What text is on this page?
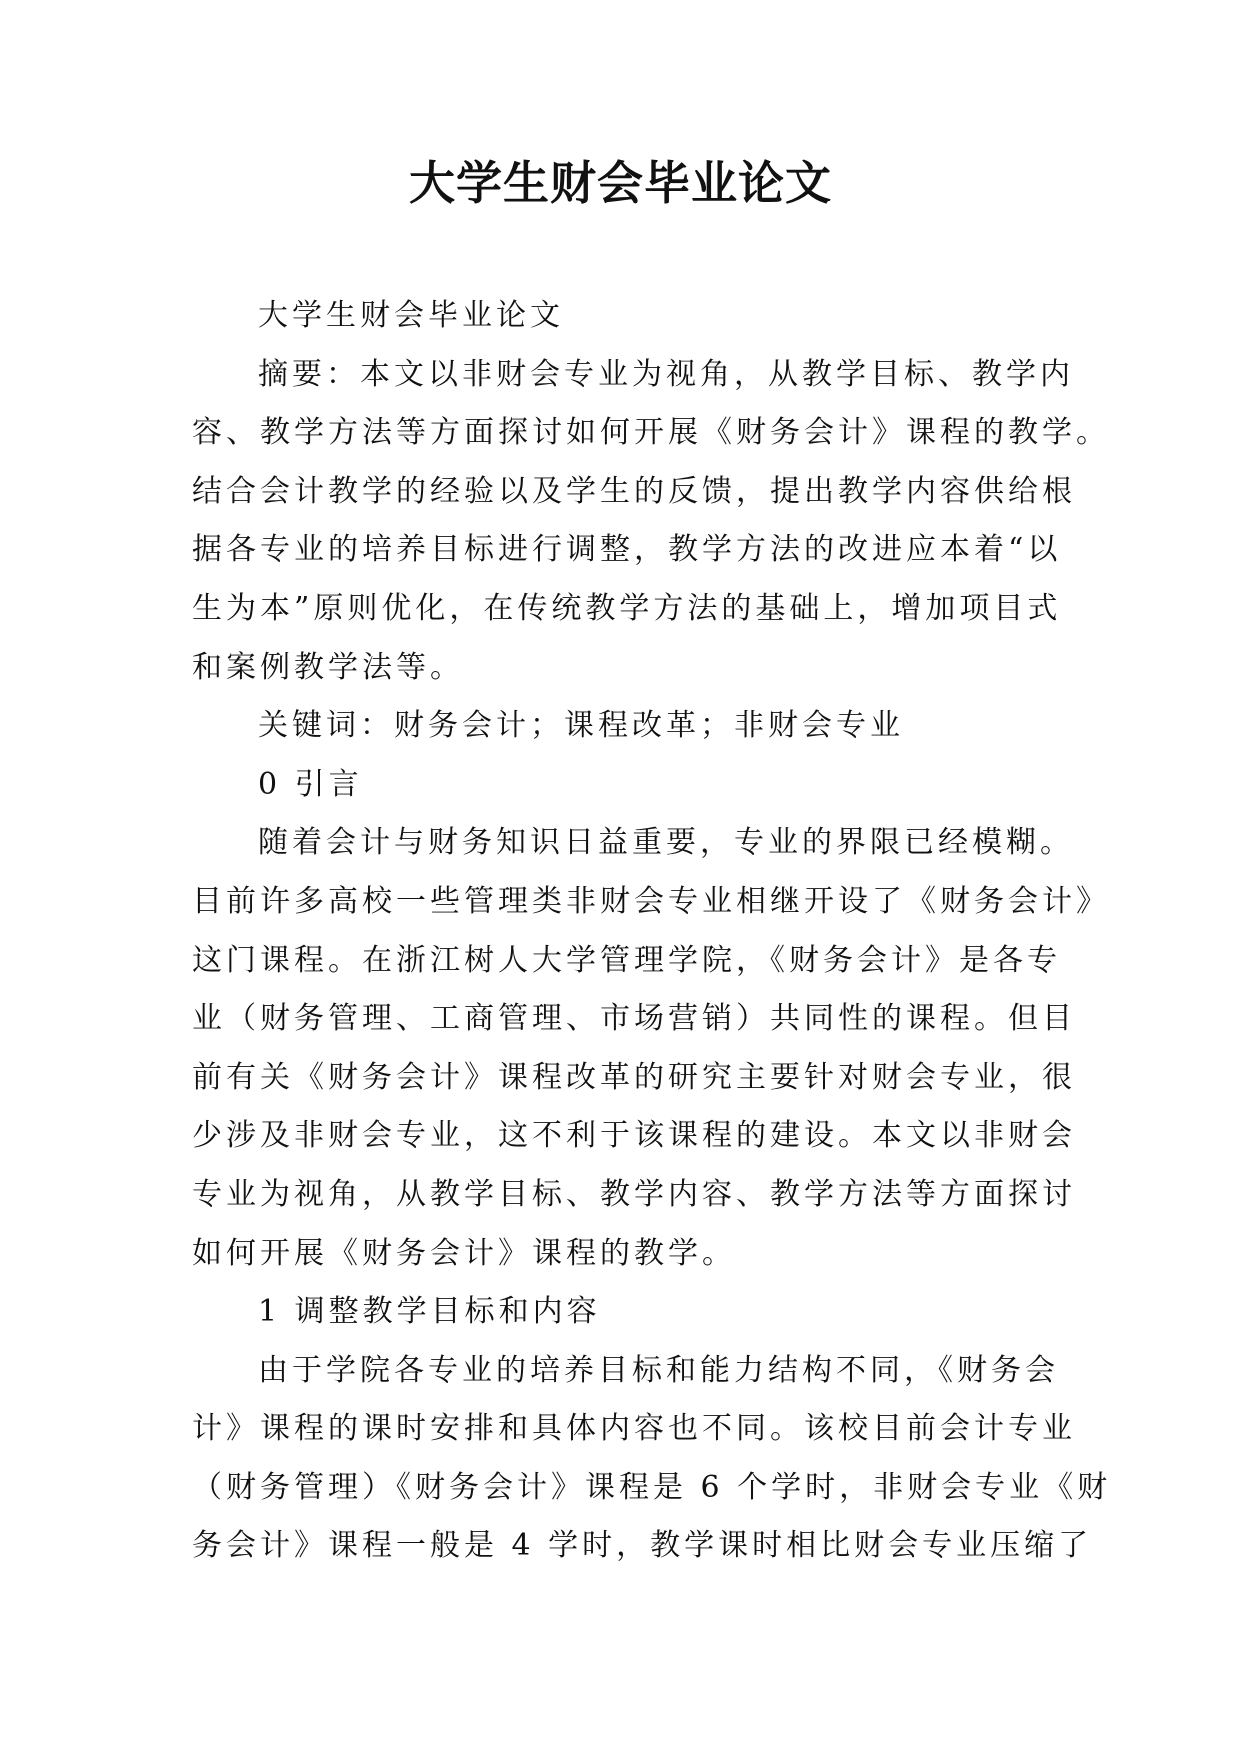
大学生财会毕业论文
大学生财会毕业论文
摘要：本文以非财会专业为视角，从教学目标、教学内
容、教学方法等方面探讨如何开展《财务会计》课程的教学。
结合会计教学的经验以及学生的反馈，提出教学内容供给根
据各专业的培养目标进行调整，教学方法的改进应本着“以
生为本”原则优化，在传统教学方法的基础上，增加项目式
和案例教学法等。
关键词：财务会计；课程改革；非财会专业
0 引言
随着会计与财务知识日益重要，专业的界限已经模糊。
目前许多高校一些管理类非财会专业相继开设了《财务会计》
这门课程。在浙江树人大学管理学院，《财务会计》是各专
业（财务管理、工商管理、市场营销）共同性的课程。但目
前有关《财务会计》课程改革的研究主要针对财会专业，很
少涉及非财会专业，这不利于该课程的建设。本文以非财会
专业为视角，从教学目标、教学内容、教学方法等方面探讨
如何开展《财务会计》课程的教学。
1 调整教学目标和内容
由于学院各专业的培养目标和能力结构不同，《财务会
计》课程的课时安排和具体内容也不同。该校目前会计专业
（财务管理）《财务会计》课程是 6 个学时，非财会专业《财
务会计》课程一般是 4 学时，教学课时相比财会专业压缩了
